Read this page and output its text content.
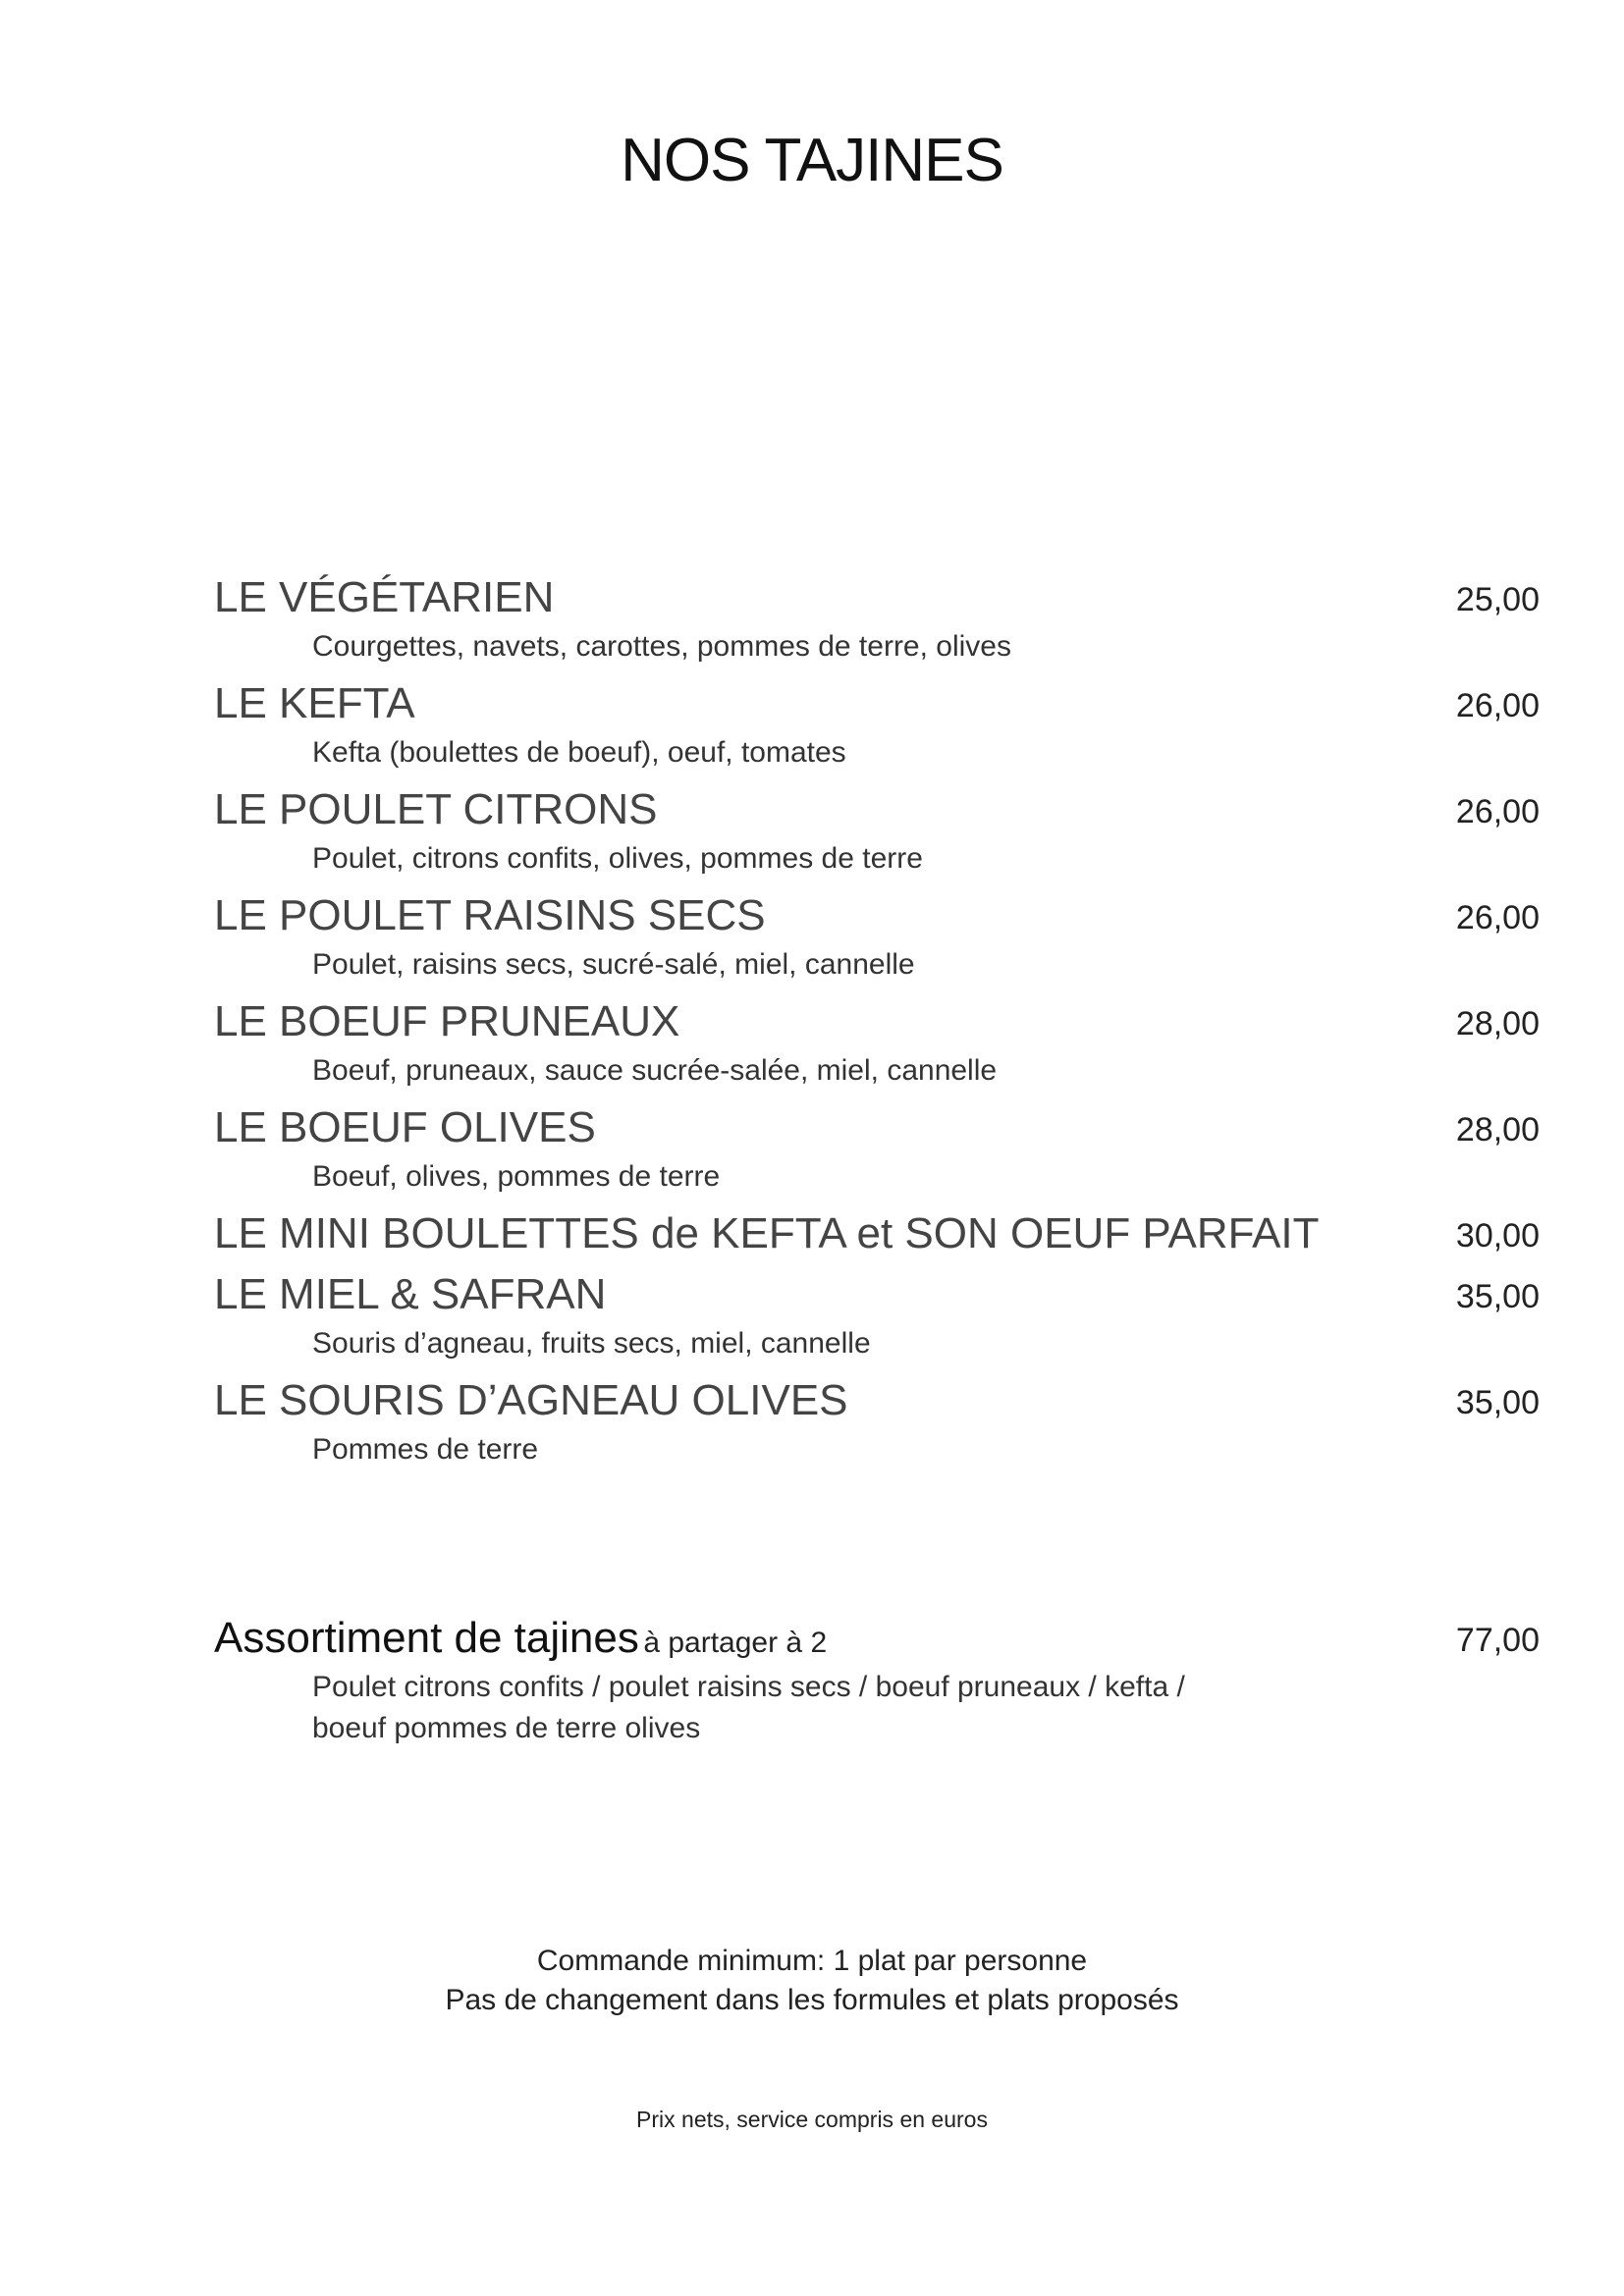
NOS TAJINES
LE VÉGÉTARIEN	25,00
Courgettes, navets, carottes, pommes de terre, olives
LE KEFTA	26,00
Kefta (boulettes de boeuf), oeuf, tomates
LE POULET CITRONS	26,00
Poulet, citrons confits, olives, pommes de terre
LE POULET RAISINS SECS	26,00
Poulet, raisins secs, sucré-salé, miel, cannelle
LE BOEUF PRUNEAUX	28,00
Boeuf, pruneaux, sauce sucrée-salée, miel, cannelle
LE BOEUF OLIVES	28,00
Boeuf, olives, pommes de terre
LE MINI BOULETTES de KEFTA et SON OEUF PARFAIT	30,00
LE MIEL & SAFRAN	35,00
Souris d’agneau, fruits secs, miel, cannelle
LE SOURIS D’AGNEAU OLIVES	35,00
Pommes de terre
Assortiment de tajines à partager à 2	77,00
Poulet citrons confits / poulet raisins secs / boeuf pruneaux / kefta /
boeuf pommes de terre olives
Commande minimum: 1 plat par personne
Pas de changement dans les formules et plats proposés
Prix nets, service compris en euros
